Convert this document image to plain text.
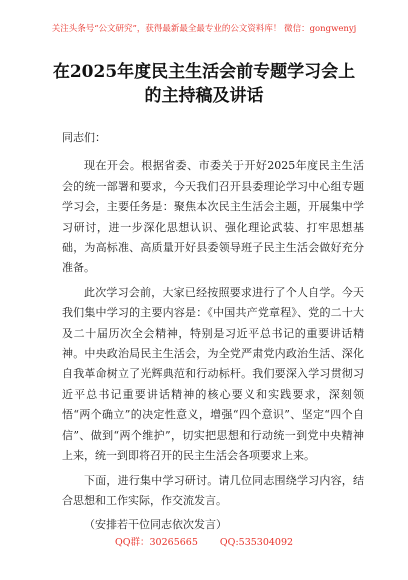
关注头条号“公文研究”，获得最新最全最专业的公文资料库！ 微信：gongwenyj
在2025年度民主生活会前专题学习会上
的主持稿及讲话

同志们：

现在开会。根据省委、市委关于开好2025年度民主生活会的统一部署和要求，今天我们召开县委理论学习中心组专题学习会，主要任务是：聚焦本次民主生活会主题，开展集中学习研讨，进一步深化思想认识、强化理论武装、打牢思想基础，为高标准、高质量开好县委领导班子民主生活会做好充分准备。

此次学习会前，大家已经按照要求进行了个人自学。今天我们集中学习的主要内容是：《中国共产党章程》、党的二十大及二十届历次全会精神，特别是习近平总书记的重要讲话精神。中央政治局民主生活会，为全党严肃党内政治生活、深化自我革命树立了光辉典范和行动标杆。我们要深入学习贯彻习近平总书记重要讲话精神的核心要义和实践要求，深刻领悟“两个确立”的决定性意义，增强“四个意识”、坚定“四个自信”、做到“两个维护”，切实把思想和行动统一到党中央精神上来，统一到即将召开的民主生活会各项要求上来。

下面，进行集中学习研讨。请几位同志围绕学习内容，结合思想和工作实际，作交流发言。

（安排若干位同志依次发言）

QQ群：30265665 QQ:535304092
